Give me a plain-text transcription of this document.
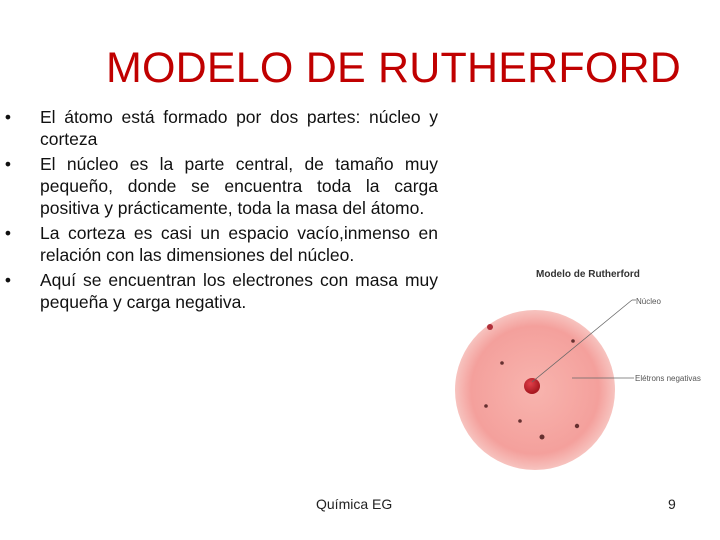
MODELO DE RUTHERFORD
• El átomo está formado por dos partes: núcleo y corteza
• El núcleo es la parte central, de tamaño muy pequeño, donde se encuentra toda la carga positiva y prácticamente, toda la masa del átomo.
• La corteza es casi un espacio vacío,inmenso en relación con las dimensiones del núcleo.
• Aquí se encuentran los electrones con masa muy pequeña y carga negativa.
Modelo de Rutherford
Núcleo
Elétrons negativas
Química EG	9
